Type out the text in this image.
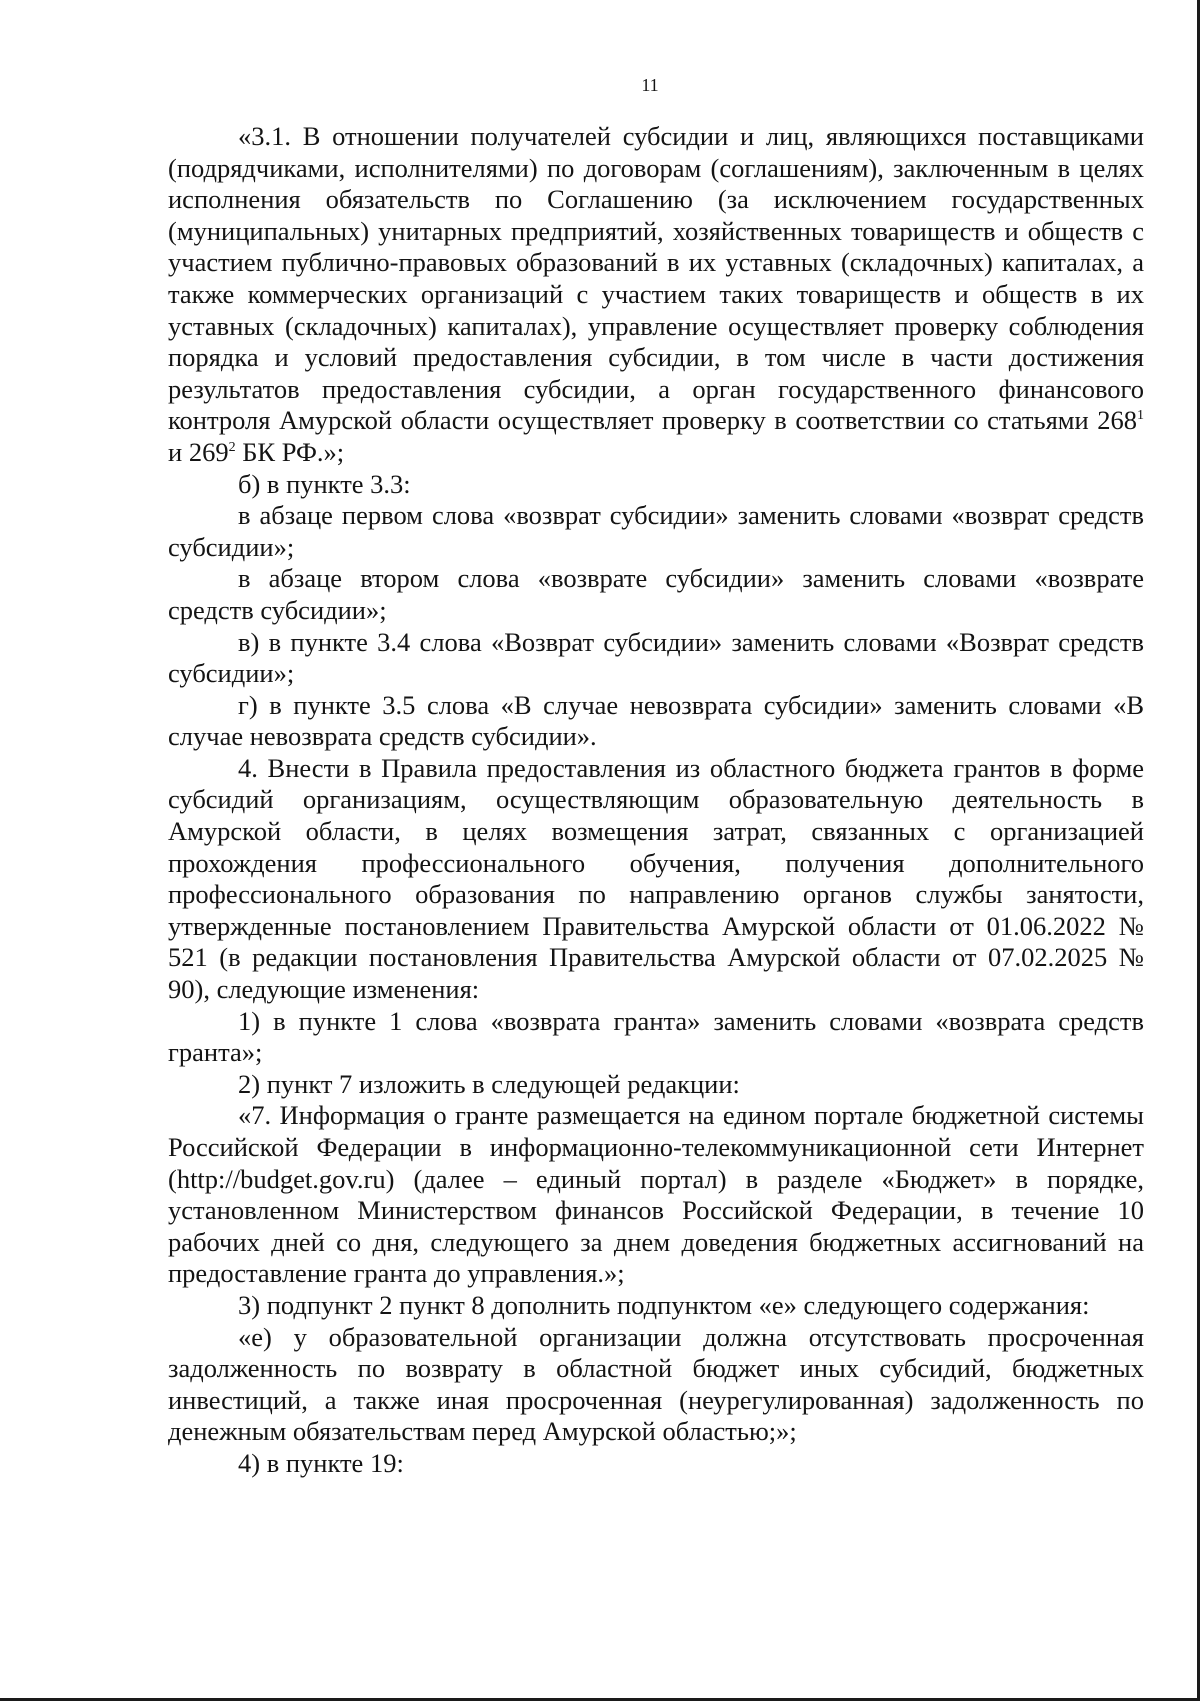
11

«3.1. В отношении получателей субсидии и лиц, являющихся поставщиками (подрядчиками, исполнителями) по договорам (соглашениям), заключенным в целях исполнения обязательств по Соглашению (за исключением государственных (муниципальных) унитарных предприятий, хозяйственных товариществ и обществ с участием публично-правовых образований в их уставных (складочных) капиталах, а также коммерческих организаций с участием таких товариществ и обществ в их уставных (складочных) капиталах), управление осуществляет проверку соблюдения порядка и условий предоставления субсидии, в том числе в части достижения результатов предоставления субсидии, а орган государственного финансового контроля Амурской области осуществляет проверку в соответствии со статьями $268^1$ и $269^2$ БК РФ.»;

б) в пункте 3.3:

в абзаце первом слова «возврат субсидии» заменить словами «возврат средств субсидии»;

в абзаце втором слова «возврате субсидии» заменить словами «возврате средств субсидии»;

в) в пункте 3.4 слова «Возврат субсидии» заменить словами «Возврат средств субсидии»;

г) в пункте 3.5 слова «В случае невозврата субсидии» заменить словами «В случае невозврата средств субсидии».

4. Внести в Правила предоставления из областного бюджета грантов в форме субсидий организациям, осуществляющим образовательную деятельность в Амурской области, в целях возмещения затрат, связанных с организацией прохождения профессионального обучения, получения дополнительного профессионального образования по направлению органов службы занятости, утвержденные постановлением Правительства Амурской области от 01.06.2022 № 521 (в редакции постановления Правительства Амурской области от 07.02.2025 № 90), следующие изменения:

1) в пункте 1 слова «возврата гранта» заменить словами «возврата средств гранта»;

2) пункт 7 изложить в следующей редакции:

«7. Информация о гранте размещается на едином портале бюджетной системы Российской Федерации в информационно-телекоммуникационной сети Интернет (http://budget.gov.ru) (далее – единый портал) в разделе «Бюджет» в порядке, установленном Министерством финансов Российской Федерации, в течение 10 рабочих дней со дня, следующего за днем доведения бюджетных ассигнований на предоставление гранта до управления.»;

3) подпункт 2 пункт 8 дополнить подпунктом «е» следующего содержания:

«е) у образовательной организации должна отсутствовать просроченная задолженность по возврату в областной бюджет иных субсидий, бюджетных инвестиций, а также иная просроченная (неурегулированная) задолженность по денежным обязательствам перед Амурской областью;»;

4) в пункте 19:
